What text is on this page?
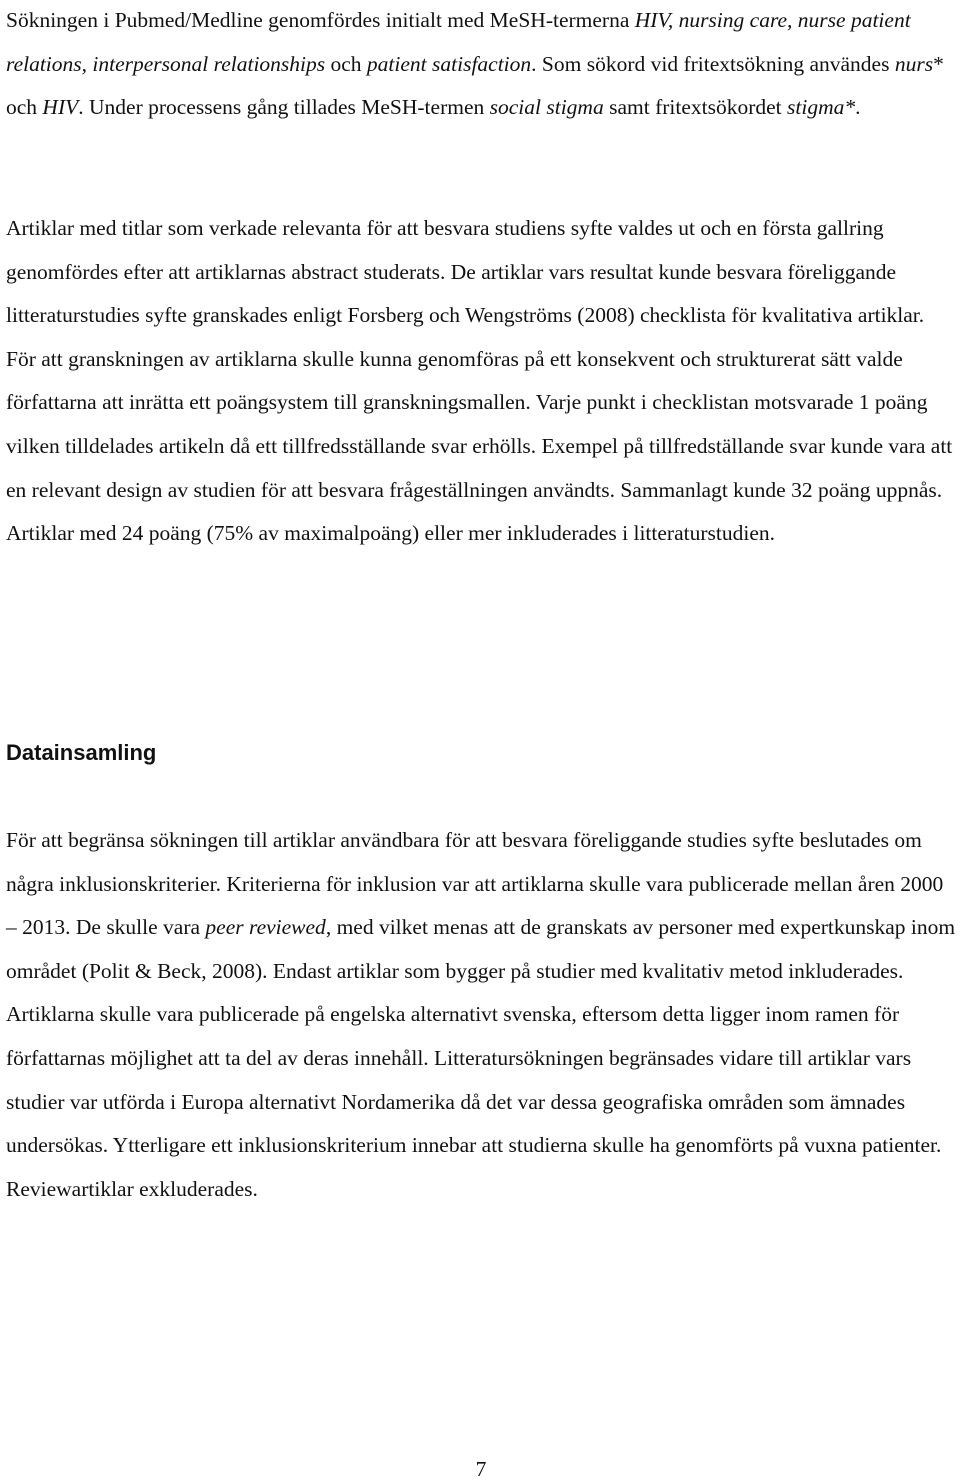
Sökningen i Pubmed/Medline genomfördes initialt med MeSH-termerna HIV, nursing care, nurse patient relations, interpersonal relationships och patient satisfaction. Som sökord vid fritextsökning användes nurs* och HIV. Under processens gång tillades MeSH-termen social stigma samt fritextsökordet stigma*.

Artiklar med titlar som verkade relevanta för att besvara studiens syfte valdes ut och en första gallring genomfördes efter att artiklarnas abstract studerats. De artiklar vars resultat kunde besvara föreliggande litteraturstudies syfte granskades enligt Forsberg och Wengströms (2008) checklista för kvalitativa artiklar. För att granskningen av artiklarna skulle kunna genomföras på ett konsekvent och strukturerat sätt valde författarna att inrätta ett poängsystem till granskningsmallen. Varje punkt i checklistan motsvarade 1 poäng vilken tilldelades artikeln då ett tillfredsställande svar erhölls. Exempel på tillfredställande svar kunde vara att en relevant design av studien för att besvara frågeställningen användts. Sammanlagt kunde 32 poäng uppnås. Artiklar med 24 poäng (75% av maximalpoäng) eller mer inkluderades i litteraturstudien.

Datainsamling

För att begränsa sökningen till artiklar användbara för att besvara föreliggande studies syfte beslutades om några inklusionskriterier. Kriterierna för inklusion var att artiklarna skulle vara publicerade mellan åren 2000 – 2013. De skulle vara peer reviewed, med vilket menas att de granskats av personer med expertkunskap inom området (Polit & Beck, 2008). Endast artiklar som bygger på studier med kvalitativ metod inkluderades. Artiklarna skulle vara publicerade på engelska alternativt svenska, eftersom detta ligger inom ramen för författarnas möjlighet att ta del av deras innehåll. Litteratursökningen begränsades vidare till artiklar vars studier var utförda i Europa alternativt Nordamerika då det var dessa geografiska områden som ämnades undersökas. Ytterligare ett inklusionskriterium innebar att studierna skulle ha genomförts på vuxna patienter. Reviewartiklar exkluderades.

7
